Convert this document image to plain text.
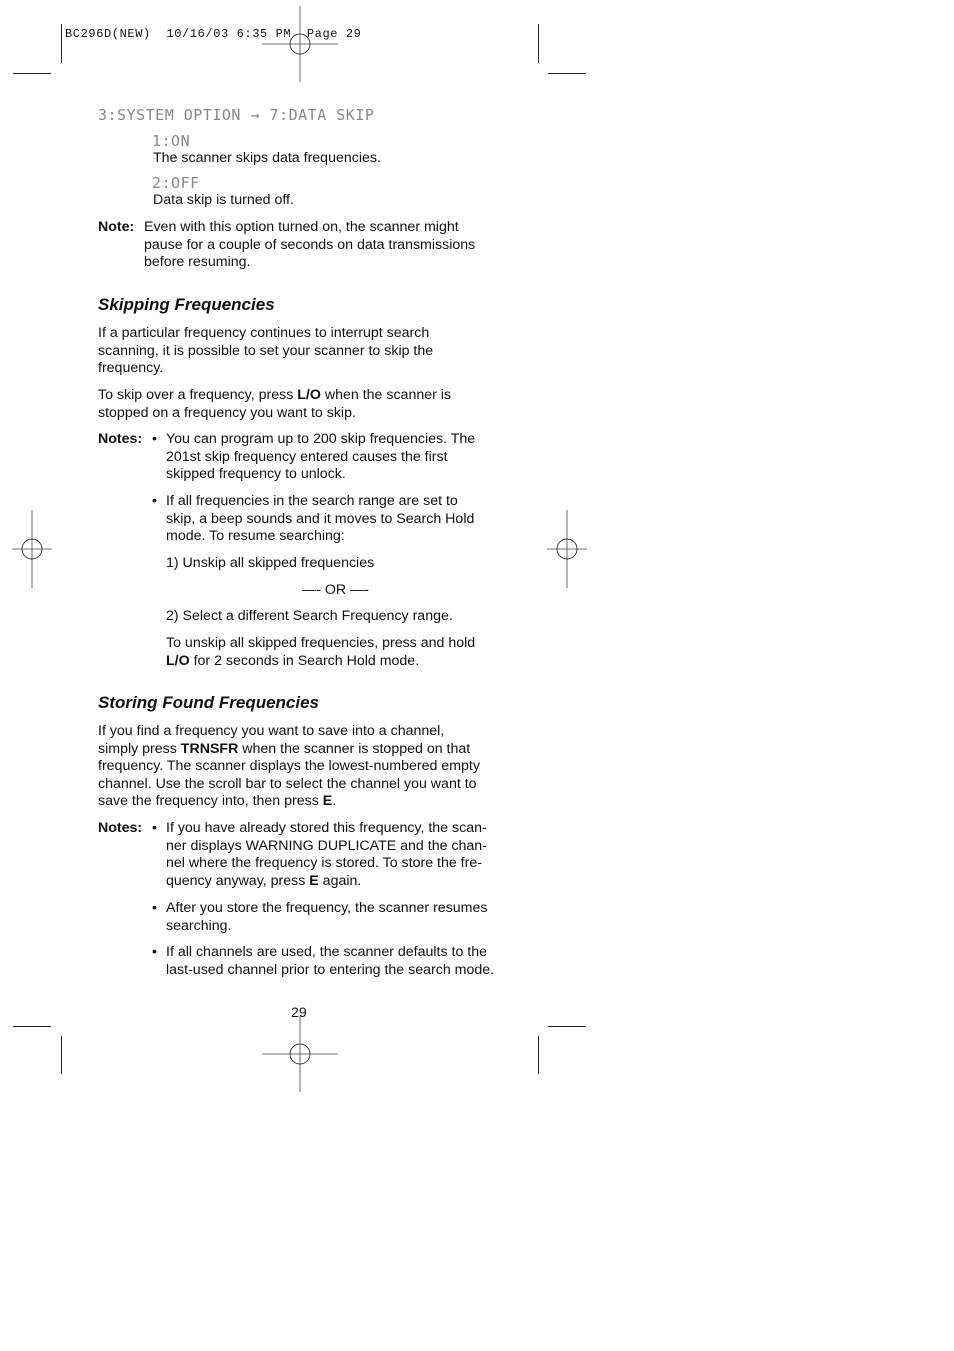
BC296D(NEW)  10/16/03 6:35 PM  Page 29
3:SYSTEM OPTION → 7:DATA SKIP
1:ON
The scanner skips data frequencies.
2:OFF
Data skip is turned off.
Note: Even with this option turned on, the scanner might
pause for a couple of seconds on data transmissions
before resuming.
Skipping Frequencies
If a particular frequency continues to interrupt search
scanning, it is possible to set your scanner to skip the
frequency.
To skip over a frequency, press L/O when the scanner is
stopped on a frequency you want to skip.
Notes: • You can program up to 200 skip frequencies. The
201st skip frequency entered causes the first
skipped frequency to unlock.
• If all frequencies in the search range are set to
skip, a beep sounds and it moves to Search Hold
mode. To resume searching:
1) Unskip all skipped frequencies
—- OR —-
2) Select a different Search Frequency range.
To unskip all skipped frequencies, press and hold
L/O for 2 seconds in Search Hold mode.
Storing Found Frequencies
If you find a frequency you want to save into a channel,
simply press TRNSFR when the scanner is stopped on that
frequency. The scanner displays the lowest-numbered empty
channel. Use the scroll bar to select the channel you want to
save the frequency into, then press E.
Notes: • If you have already stored this frequency, the scan-
ner displays WARNING DUPLICATE and the chan-
nel where the frequency is stored. To store the fre-
quency anyway, press E again.
• After you store the frequency, the scanner resumes
searching.
• If all channels are used, the scanner defaults to the
last-used channel prior to entering the search mode.
29
